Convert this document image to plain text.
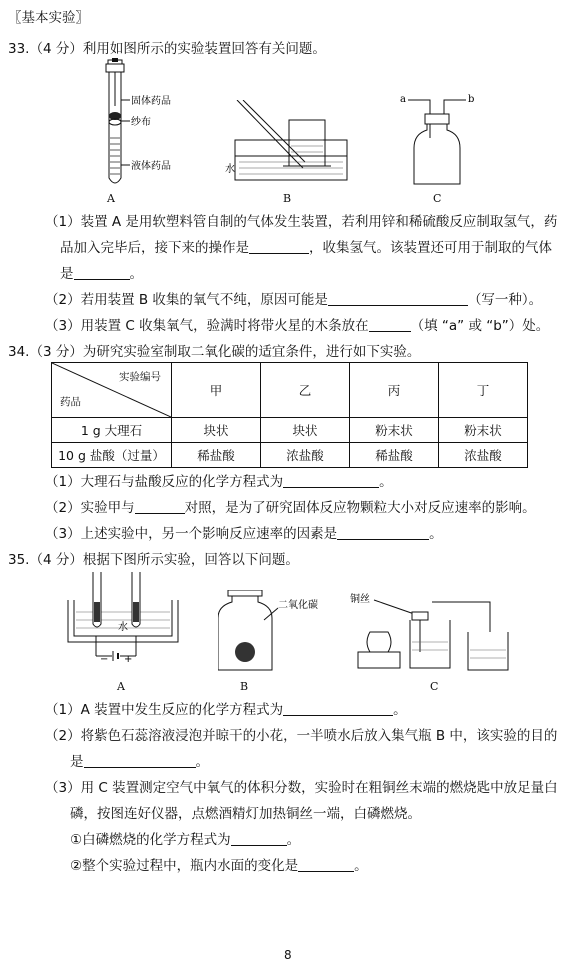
〖基本实验〗
33.（4 分）利用如图所示的实验装置回答有关问题。
固体药品
纱布
液体药品
A
水
B
a	b
C
（1）装置 A 是用软塑料管自制的气体发生装置，若利用锌和稀硫酸反应制取氢气，药
品加入完毕后，接下来的操作是	，收集氢气。该装置还可用于制取的气体
是	。
（2）若用装置 B 收集的氧气不纯，原因可能是	（写一种）。
（3）用装置 C 收集氧气，验满时将带火星的木条放在	（填 “a” 或 “b”）处。
34.（3 分）为研究实验室制取二氧化碳的适宜条件，进行如下实验。
实验编号
药品	甲	乙	丙	丁
1 g 大理石	块状	块状	粉末状	粉末状
10 g 盐酸（过量）	稀盐酸	浓盐酸	稀盐酸	浓盐酸
（1）大理石与盐酸反应的化学方程式为	。
（2）实验甲与	对照，是为了研究固体反应物颗粒大小对反应速率的影响。
（3）上述实验中，另一个影响反应速率的因素是	。
35.（4 分）根据下图所示实验，回答以下问题。
水
− +
A
二氧化碳
B
铜丝
C
（1）A 装置中发生反应的化学方程式为	。
（2）将紫色石蕊溶液浸泡并晾干的小花，一半喷水后放入集气瓶 B 中，该实验的目的
是	。
（3）用 C 装置测定空气中氧气的体积分数，实验时在粗铜丝末端的燃烧匙中放足量白
磷，按图连好仪器，点燃酒精灯加热铜丝一端，白磷燃烧。
①白磷燃烧的化学方程式为	。
②整个实验过程中，瓶内水面的变化是	。
8
